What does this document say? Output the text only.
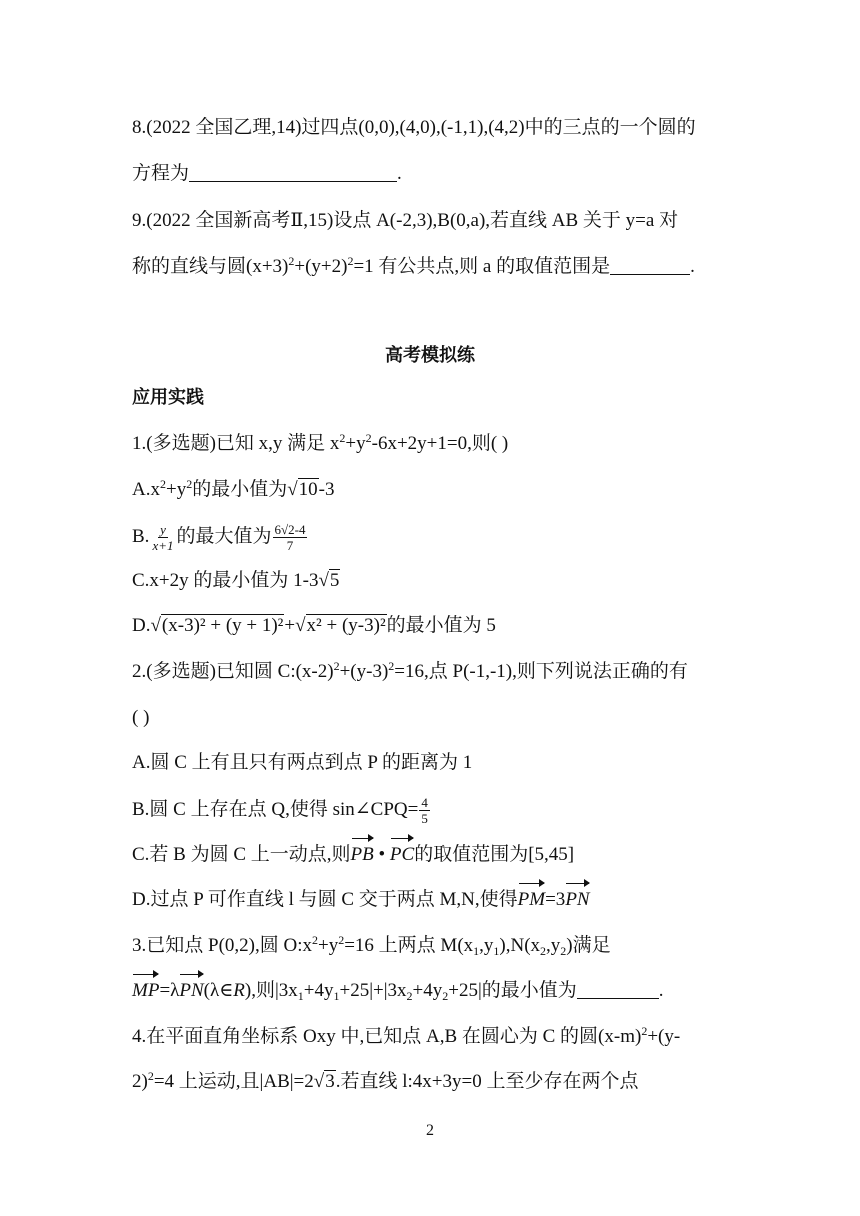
8.(2022 全国乙理,14)过四点(0,0),(4,0),(-1,1),(4,2)中的三点的一个圆的
方程为	.
9.(2022 全国新高考Ⅱ,15)设点 A(-2,3),B(0,a),若直线 AB 关于 y=a 对
称的直线与圆$(x+3)^2+(y+2)^2=1$ 有公共点,则 a 的取值范围是	.
高考模拟练
应用实践
1.(多选题)已知 x,y 满足 $x^2+y^2-6x+2y+1=0$,则( )
$A.x^2+y^2$的最小值为√10-3
B. $\frac{y}{x+1}$ 的最大值为 $\frac{6√2-4}{7}$
C.x+2y 的最小值为 1-3√5
D.√(x-3)² + (y + 1)²+√x² + (y-3)²的最小值为 5
2.(多选题)已知圆 $C:(x-2)^2+(y-3)^2=16$,点 P(-1,-1),则下列说法正确的有
( )
A.圆 C 上有且只有两点到点 P 的距离为 1
B.圆 C 上存在点 Q,使得 sin∠CPQ= $\frac{4}{5}$
C.若 B 为圆 C 上一动点,则PB • PC的取值范围为[5,45]
D.过点 P 可作直线 l 与圆 C 交于两点 M,N,使得PM=3PN
3.已知点 P(0,2),圆 $O:x^2+y^2=16$ 上两点 $M(x_1,y_1),N(x_2,y_2)$满足
MP=λPN(λ∈R),则$|3x_1+4y_1+25|+|3x_2+4y_2+25|$的最小值为	.
4.在平面直角坐标系 Oxy 中,已知点 A,B 在圆心为 C 的圆$(x-m)^2+(y-$
2)$^2$=4 上运动,且|AB|=2√3.若直线 l:4x+3y=0 上至少存在两个点
2
